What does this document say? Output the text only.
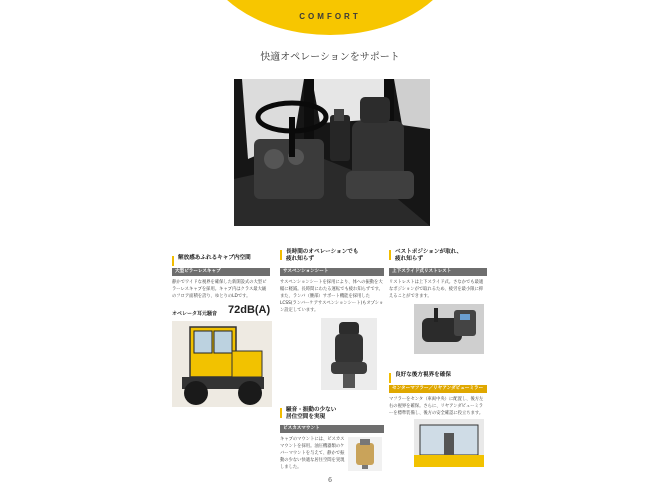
COMFORT
快適オペレーションをサポート
解放感あふれるキャブ内空間
大型ピラーレスキャブ
静かでワイドな視界を確保した新開設式の大型ピラーレスキャブを採用。キャブ内はクラス最大級のフロア面積を誇り、ゆとりのLDです。
オペレータ耳元騒音 72dB(A)
長時間のオペレーションでも
疲れ知らず
サスペンションシート
サスペンションシートを採用により、体への振動を大幅に軽減。長時間にわたる運転でも疲れ知らずです。また、ランバ（腰部）サポート機能を採用したLCSS(ランバーケアサスペンションシート)もオプション設定しています。
ベストポジションが取れ、
疲れ知らず
上下スライド式リストレスト
リストレストは上下スライド式。さなかでも最適なポジションがで取れるため、疲労を最小限に抑えることができます。
良好な後方視界を確保
センターマフラー／リヤアンダビューミラー
マフラーをセンタ（車両中央）に配置し、後方左右の視界を確保。さらに、リヤアンダビューミラーを標準装備し、後方の安全確認に役立ちます。
騒音・振動の少ない
居住空間を実現
ビスカスマウント
キャブのマウントには、ビスカスマウントを採用。油圧機器類のケバーマウントを与えて、静かで振動の少ない快適な居住空間を実現しました。
6
